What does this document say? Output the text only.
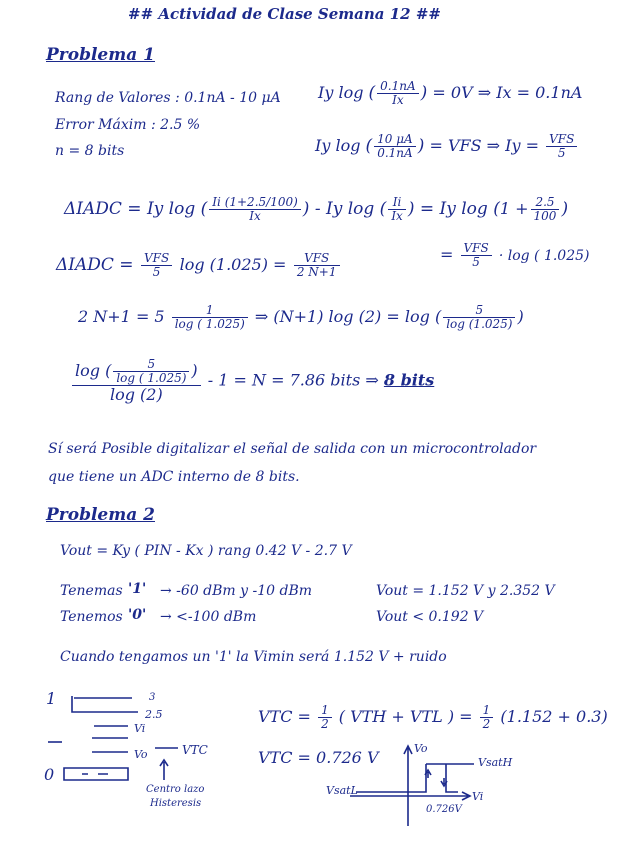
## Actividad de Clase Semana 12 ##
Problema 1
Rang de Valores : 0.1nA - 10 μA
Error Máxim : 2.5 %
n = 8 bits
Iy log ( $\frac{0.1nA}{Ix}$ ) = 0V ⇒ Ix = 0.1nA
Iy log ( $\frac{10 \mu A}{0.1nA}$ ) = VFS ⇒ $Iy = \frac{\text{VFS}}{5}$
ΔIADC = Iy log ( $\frac{Ii (1+2.5/100)}{Ix}$ ) - Iy log ( $\frac{Ii}{Ix}$ ) = Iy $\log (1 + \frac{2.5}{100}$ )
= $\frac{\text{VFS}}{5} \cdot \log$ ( 1.025)
ΔIADC = $\frac{\text{VFS}}{5}$ $\log (1.025) = \frac{\text{VFS}}{2 N+1}$
2 $N+1 = 5 \frac{1}{\log ( 1.025)}$ ⇒ (N+1) log (2) = log ( $\frac{5}{\log (1.025)}$ )
$\frac{\log ( \frac{5}{\log ( 1.025)} )}{\log (2)} - 1 = N = 7.86$ bits ⇒ 8 bits
Sí será Posible digitalizar el señal de salida con un microcontrolador
que tiene un ADC interno de 8 bits.
Problema 2
Vout = Ky ( PIN - Kx ) rang 0.42 V - 2.7 V
Tenemas '1' → -60 dBm y -10 dBm	Vout = 1.152 V y 2.352 V
Tenemos '0' → <-100 dBm	Vout < 0.192 V
Cuando tengamos un '1' la Vimin será 1.152 V + ruido
VTC = $\frac{1}{2}$ ( VTH + VTL ) = $\frac{1}{2} (1.152 + 0.3)$
VTC = 0.726 V
1
0
3
2.5
Vi
Vo	VTC
Centro lazo
Histeresis
Vo
VsatH
VsatL	Vi
0.726V
